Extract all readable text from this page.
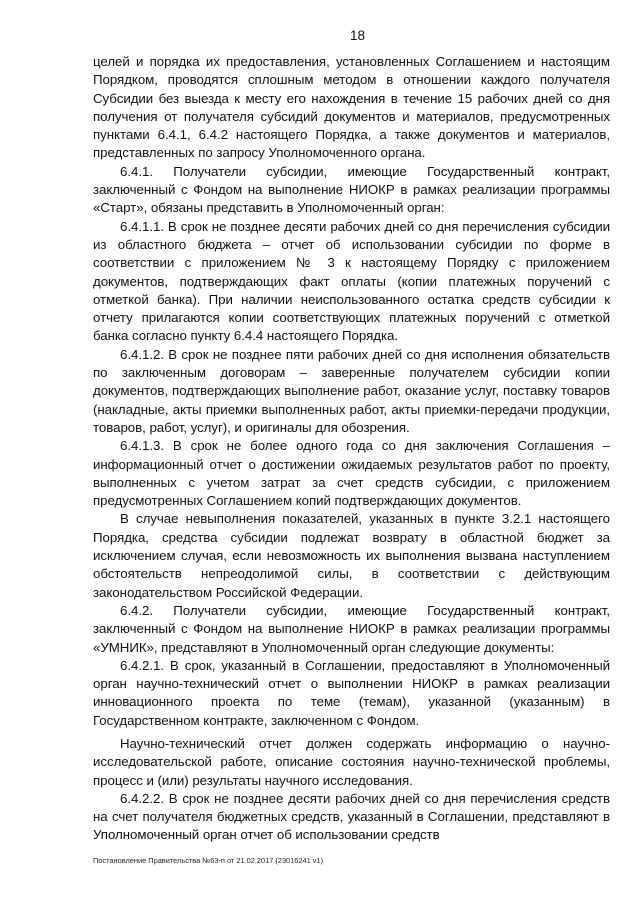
18

целей и порядка их предоставления, установленных Соглашением и настоящим Порядком, проводятся сплошным методом в отношении каждого получателя Субсидии без выезда к месту его нахождения в течение 15 рабочих дней со дня получения от получателя субсидий документов и материалов, предусмотренных пунктами 6.4.1, 6.4.2 настоящего Порядка, а также документов и материалов, представленных по запросу Уполномоченного органа.

6.4.1. Получатели субсидии, имеющие Государственный контракт, заключенный с Фондом на выполнение НИОКР в рамках реализации программы «Старт», обязаны представить в Уполномоченный орган:

6.4.1.1. В срок не позднее десяти рабочих дней со дня перечисления субсидии из областного бюджета – отчет об использовании субсидии по форме в соответствии с приложением № 3 к настоящему Порядку с приложением документов, подтверждающих факт оплаты (копии платежных поручений с отметкой банка). При наличии неиспользованного остатка средств субсидии к отчету прилагаются копии соответствующих платежных поручений с отметкой банка согласно пункту 6.4.4 настоящего Порядка.

6.4.1.2. В срок не позднее пяти рабочих дней со дня исполнения обязательств по заключенным договорам – заверенные получателем субсидии копии документов, подтверждающих выполнение работ, оказание услуг, поставку товаров (накладные, акты приемки выполненных работ, акты приемки-передачи продукции, товаров, работ, услуг), и оригиналы для обозрения.

6.4.1.3. В срок не более одного года со дня заключения Соглашения – информационный отчет о достижении ожидаемых результатов работ по проекту, выполненных с учетом затрат за счет средств субсидии, с приложением предусмотренных Соглашением копий подтверждающих документов.

В случае невыполнения показателей, указанных в пункте 3.2.1 настоящего Порядка, средства субсидии подлежат возврату в областной бюджет за исключением случая, если невозможность их выполнения вызвана наступлением обстоятельств непреодолимой силы, в соответствии с действующим законодательством Российской Федерации.

6.4.2. Получатели субсидии, имеющие Государственный контракт, заключенный с Фондом на выполнение НИОКР в рамках реализации программы «УМНИК», представляют в Уполномоченный орган следующие документы:

6.4.2.1. В срок, указанный в Соглашении, предоставляют в Уполномоченный орган научно-технический отчет о выполнении НИОКР в рамках реализации инновационного проекта по теме (темам), указанной (указанным) в Государственном контракте, заключенном с Фондом.

Научно-технический отчет должен содержать информацию о научно-исследовательской работе, описание состояния научно-технической проблемы, процесс и (или) результаты научного исследования.

6.4.2.2. В срок не позднее десяти рабочих дней со дня перечисления средств на счет получателя бюджетных средств, указанный в Соглашении, представляют в Уполномоченный орган отчет об использовании средств

Постановление Правительства №63-п от 21.02.2017 (23016241 v1)
